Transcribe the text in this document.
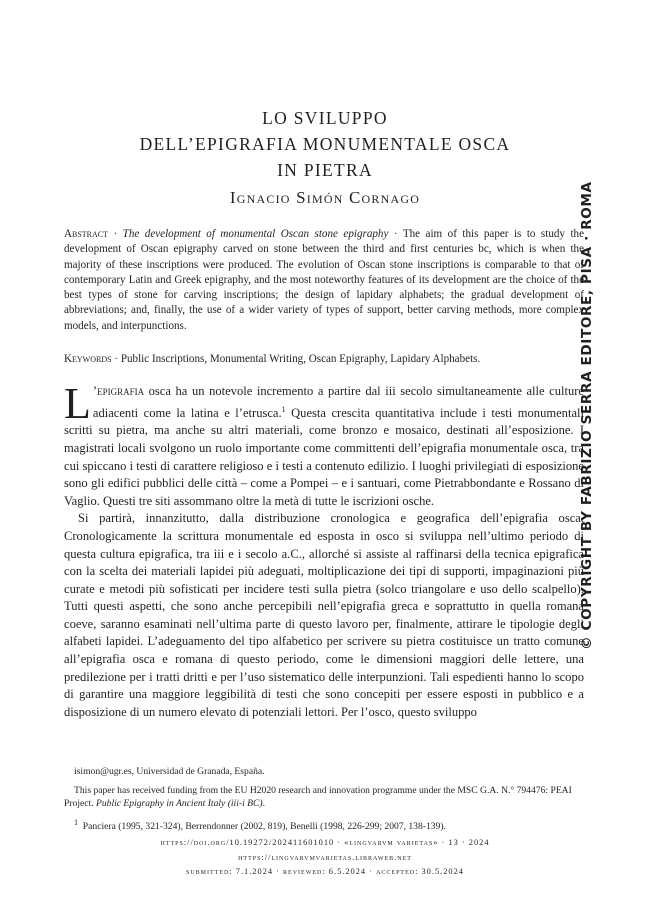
LO SVILUPPO
DELL’EPIGRAFIA MONUMENTALE OSCA
IN PIETRA
Ignacio Simón Cornago
Abstract · The development of monumental Oscan stone epigraphy · The aim of this paper is to study the development of Oscan epigraphy carved on stone between the third and first centuries bc, which is when the majority of these inscriptions were produced. The evolution of Oscan stone inscriptions is comparable to that of contemporary Latin and Greek epigraphy, and the most noteworthy features of its development are the choice of the best types of stone for carving inscriptions; the design of lapidary alphabets; the gradual development of abbreviations; and, finally, the use of a wider variety of types of support, better carving methods, more complex models, and interpunctions.
Keywords · Public Inscriptions, Monumental Writing, Oscan Epigraphy, Lapidary Alphabets.

L ’epigrafia osca ha un notevole incremento a partire dal iii secolo simultaneamente alle culture adiacenti come la latina e l’etrusca.$^1$ Questa crescita quantitativa include i testi monumentali scritti su pietra, ma anche su altri materiali, come bronzo e mosaico, destinati all’esposizione. I magistrati locali svolgono un ruolo importante come committenti dell’epigrafia monumentale osca, tra cui spiccano i testi di carattere religioso e i testi a contenuto edilizio. I luoghi privilegiati di esposizione sono gli edifici pubblici delle città – come a Pompei – e i santuari, come Pietrabbondante e Rossano di Vaglio. Questi tre siti assommano oltre la metà di tutte le iscrizioni osche.

Si partirà, innanzitutto, dalla distribuzione cronologica e geografica dell’epigrafia osca. Cronologicamente la scrittura monumentale ed esposta in osco si sviluppa nell’ultimo periodo di questa cultura epigrafica, tra iii e i secolo a.C., allorché si assiste al raffinarsi della tecnica epigrafica con la scelta dei materiali lapidei più adeguati, moltiplicazione dei tipi di supporti, impaginazioni più curate e metodi più sofisticati per incidere testi sulla pietra (solco triangolare e uso dello scalpello). Tutti questi aspetti, che sono anche percepibili nell’epigrafia greca e soprattutto in quella romana coeve, saranno esaminati nell’ultima parte di questo lavoro per, finalmente, attirare le tipologie degli alfabeti lapidei. L’adeguamento del tipo alfabetico per scrivere su pietra costituisce un tratto comune all’epigrafia osca e romana di questo periodo, come le dimensioni maggiori delle lettere, una predilezione per i tratti dritti e per l’uso sistematico delle interpunzioni. Tali espedienti hanno lo scopo di garantire una maggiore leggibilità di testi che sono concepiti per essere esposti in pubblico e a disposizione di un numero elevato di potenziali lettori. Per l’osco, questo sviluppo

isimon@ugr.es, Universidad de Granada, España.

This paper has received funding from the EU H2020 research and innovation programme under the MSC G.A. N.° 794476: PEAI Project. Public Epigraphy in Ancient Italy (iii-i BC).

$^1$ Panciera (1995, 321-324), Berrendonner (2002, 819), Benelli (1998, 226-299; 2007, 138-139).

https://doi.org/10.19272/202411601010 · «lingvarvm varietas» · 13 · 2024
https://lingvarvmvarietas.libraweb.net
submitted: 7.1.2024 · reviewed: 6.5.2024 · accepted: 30.5.2024
© COPYRIGHT BY FABRIZIO SERRA EDITORE, PISA · ROMA
